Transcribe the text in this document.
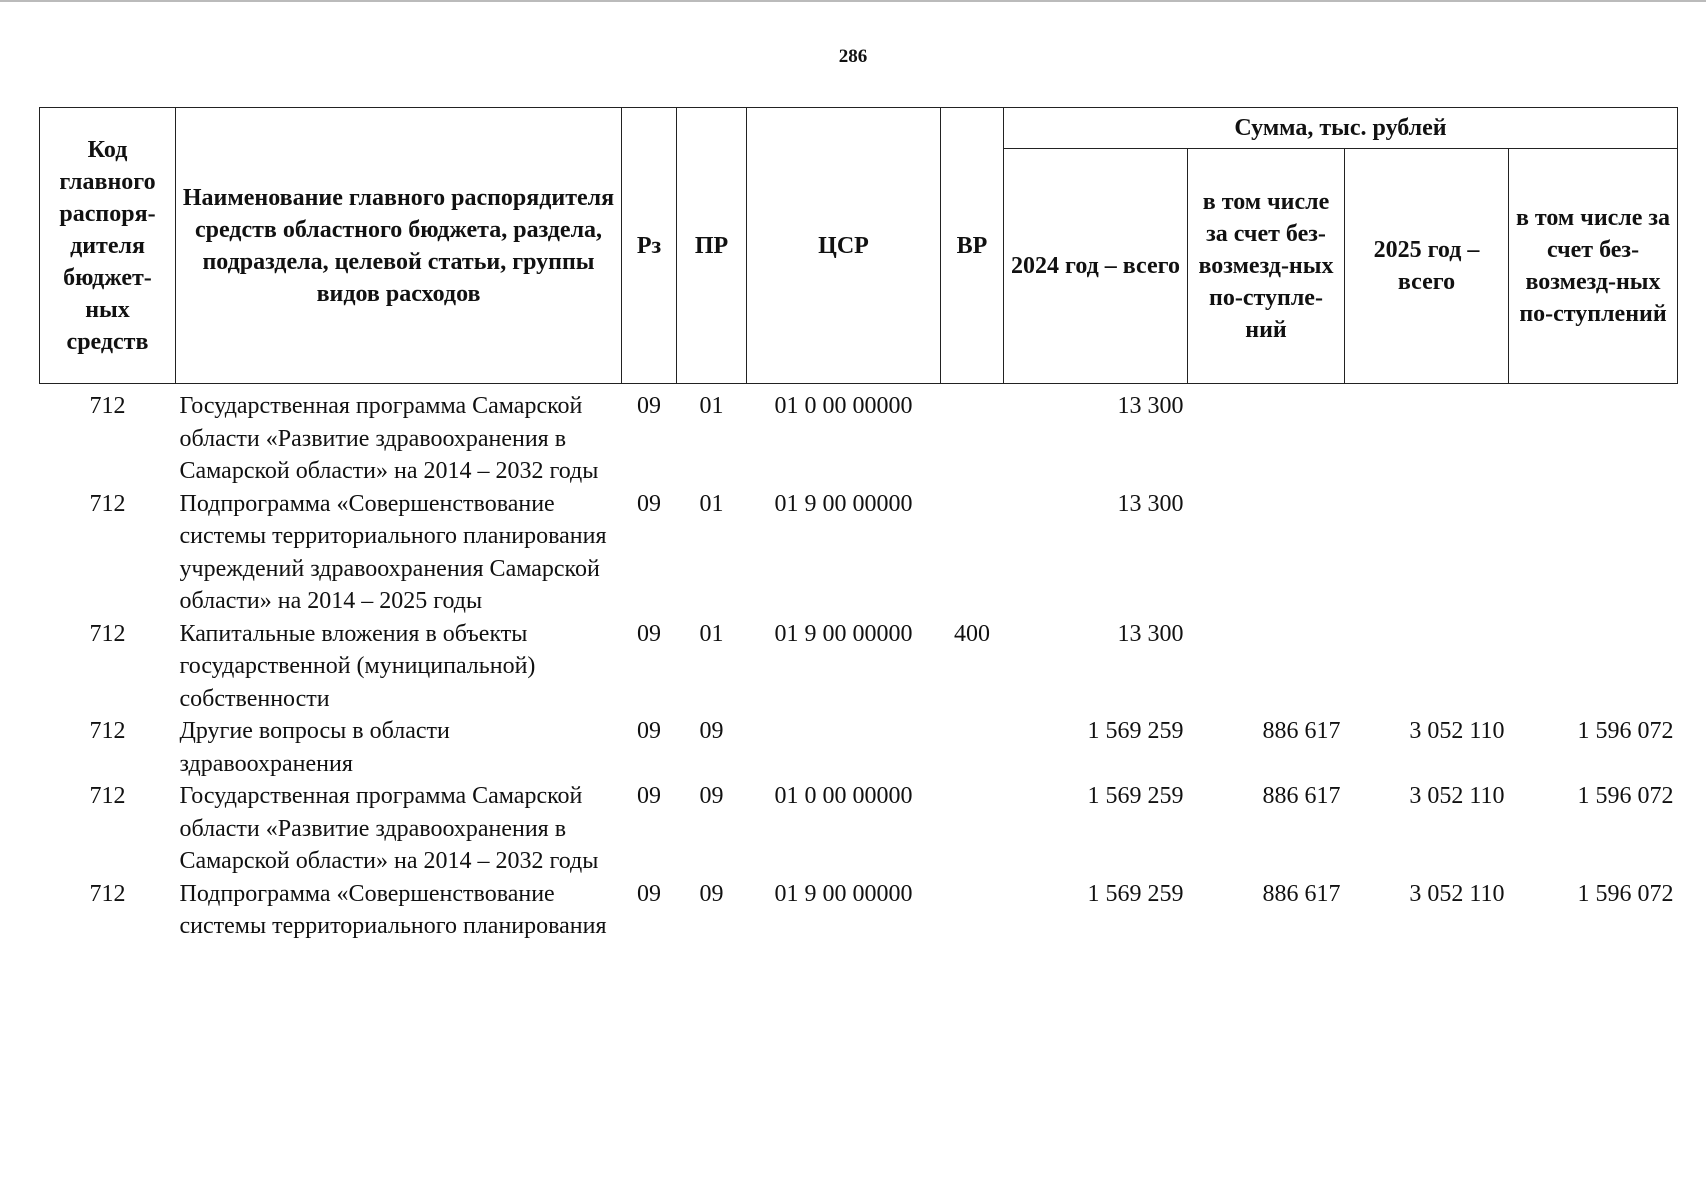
286
Код главного распоря-дителя бюджет-ных средств	Наименование главного распорядителя средств областного бюджета, раздела, подраздела, целевой статьи, группы видов расходов	Рз	ПР	ЦСР	ВР	Сумма, тыс. рублей			
						2024 год – всего	в том числе за счет без-возмезд-ных по-ступле-ний	2025 год – всего	в том числе за счет без-возмезд-ных по-ступлений
712	Государственная программа Самарской области «Развитие здравоохранения в Самарской области» на 2014 – 2032 годы	09	01	01 0 00 00000		13 300			
712	Подпрограмма «Совершенствование системы территориального планирования учреждений здравоохранения Самарской области» на 2014 – 2025 годы	09	01	01 9 00 00000		13 300			
712	Капитальные вложения в объекты государственной (муниципальной) собственности	09	01	01 9 00 00000	400	13 300			
712	Другие вопросы в области здравоохранения	09	09			1 569 259	886 617	3 052 110	1 596 072
712	Государственная программа Самарской области «Развитие здравоохранения в Самарской области» на 2014 – 2032 годы	09	09	01 0 00 00000		1 569 259	886 617	3 052 110	1 596 072
712	Подпрограмма «Совершенствование системы территориального планирования	09	09	01 9 00 00000		1 569 259	886 617	3 052 110	1 596 072
